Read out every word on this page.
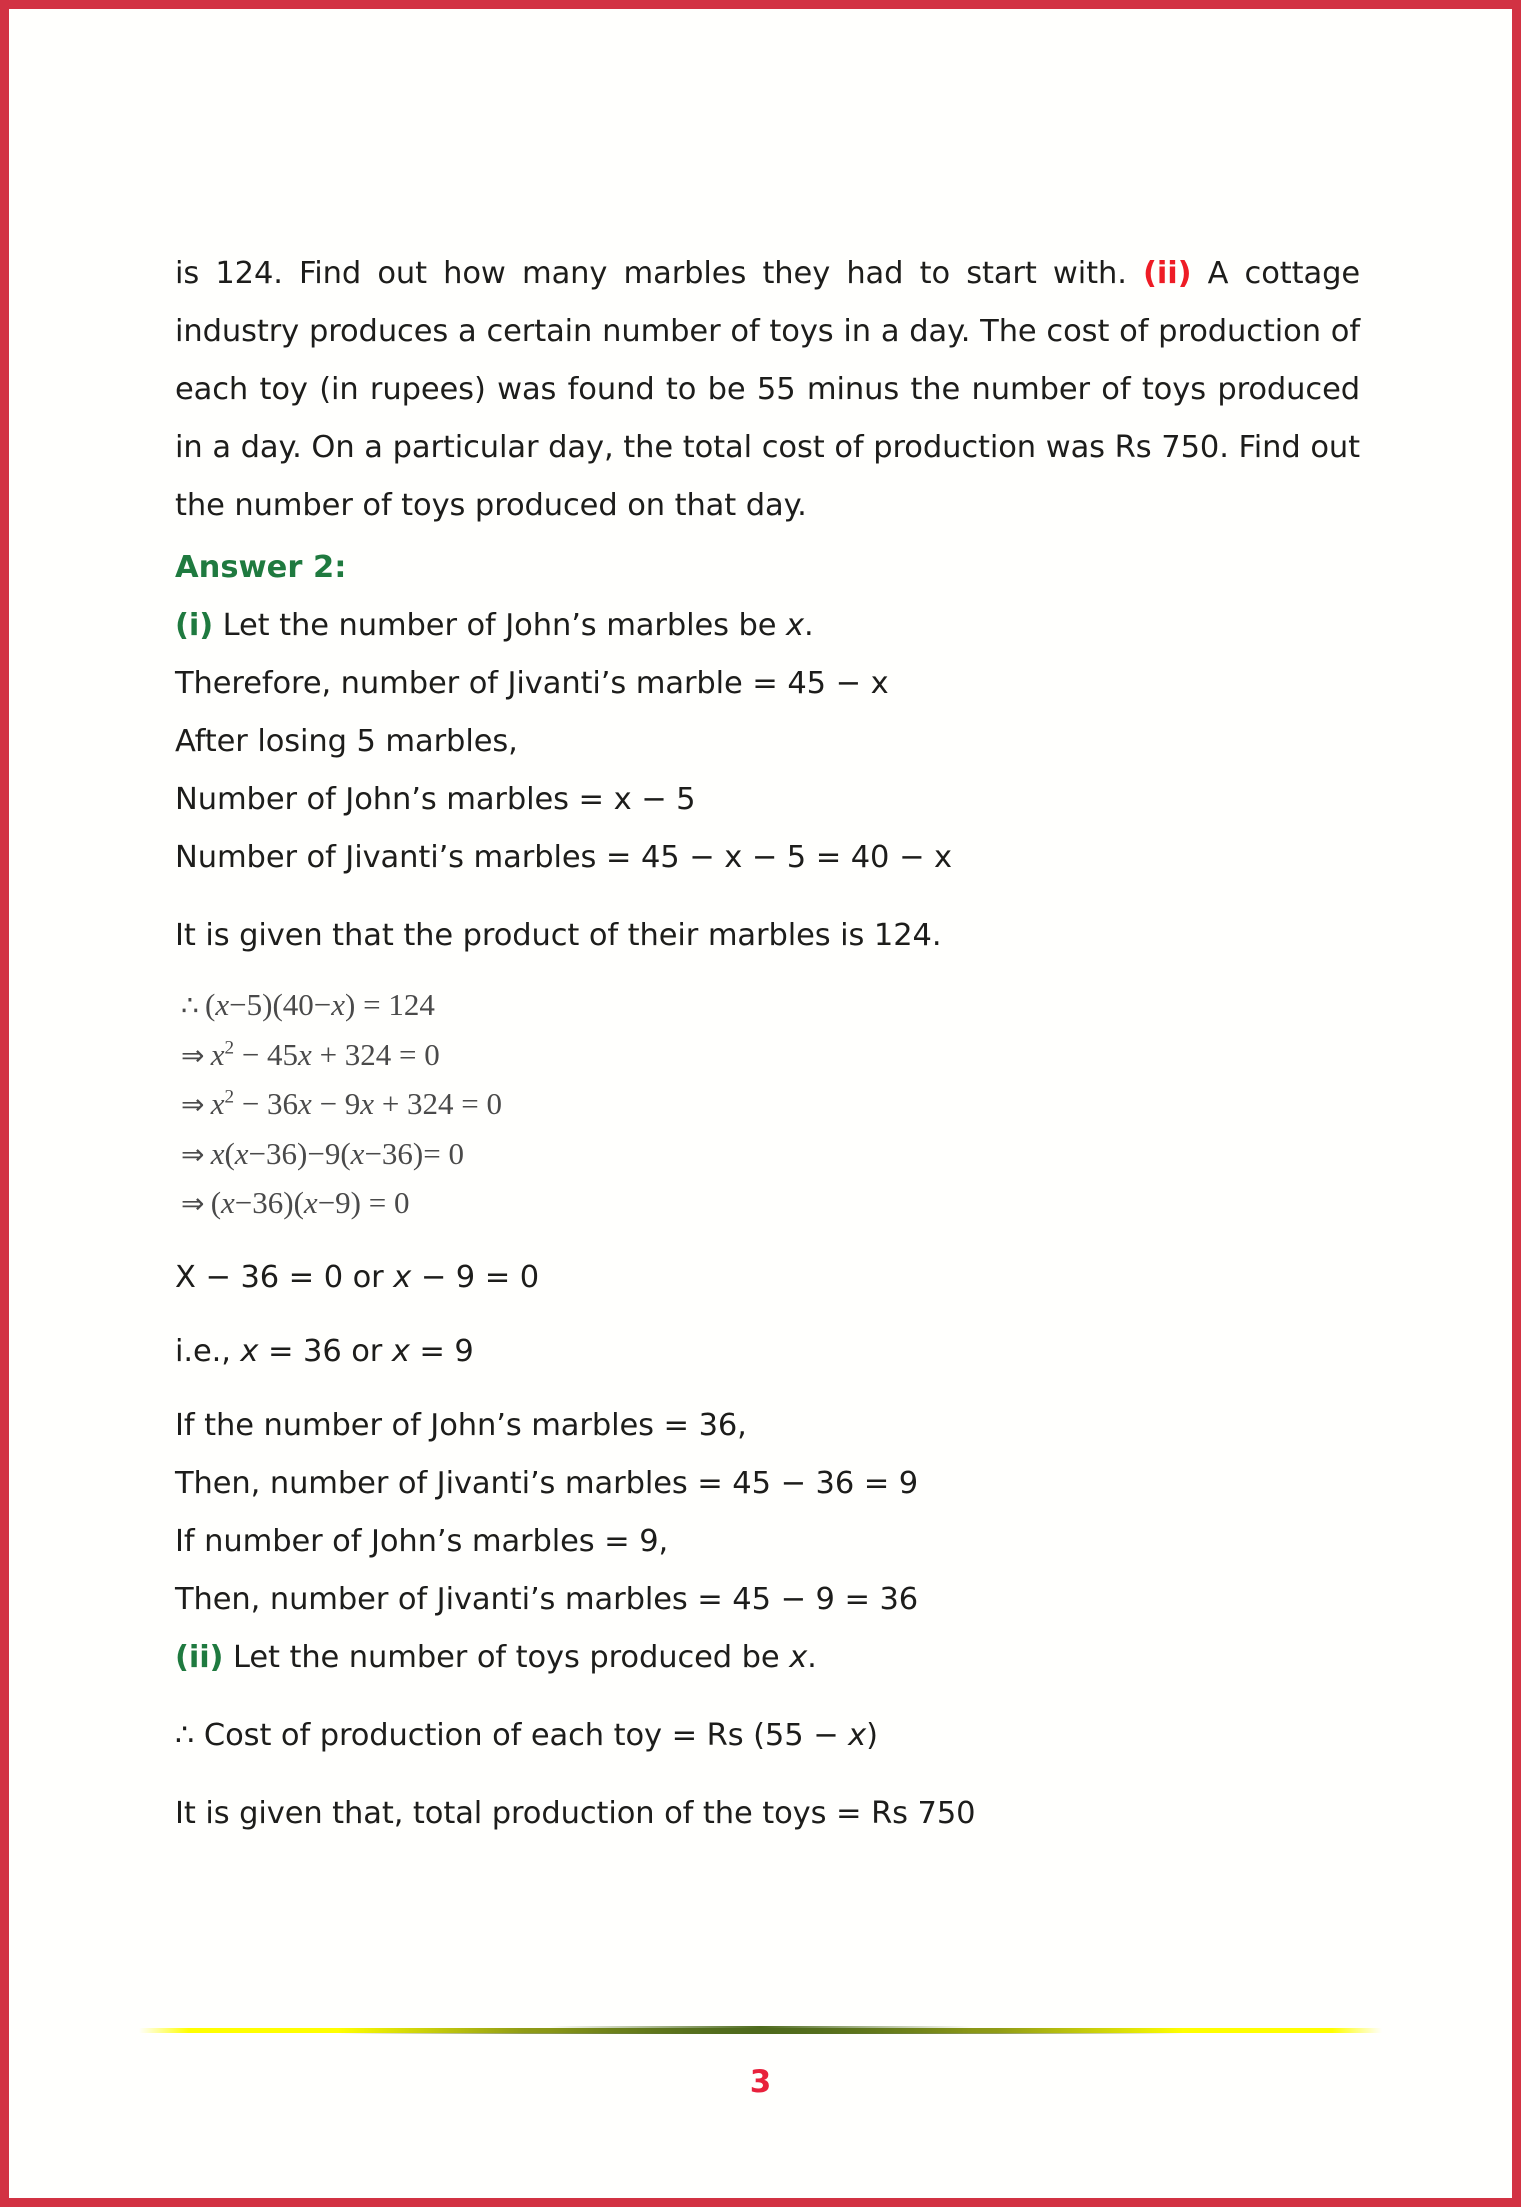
is 124. Find out how many marbles they had to start with. (ii) A cottage industry produces a certain number of toys in a day. The cost of production of each toy (in rupees) was found to be 55 minus the number of toys produced in a day. On a particular day, the total cost of production was Rs 750. Find out the number of toys produced on that day.

Answer 2:

(i) Let the number of John’s marbles be x.

Therefore, number of Jivanti’s marble = 45 − x

After losing 5 marbles,

Number of John’s marbles = x − 5

Number of Jivanti’s marbles = 45 − x − 5 = 40 − x

It is given that the product of their marbles is 124.

∴  (x−5)(40−x) = 124

⇒  $x^2 - 45x + 324 = 0$

⇒  $x^2 - 36x - 9x + 324 = 0$

⇒  x(x−36)−9(x−36)= 0

⇒  (x−36)(x−9) = 0

X − 36 = 0 or x − 9 = 0

i.e., x = 36 or x = 9

If the number of John’s marbles = 36,

Then, number of Jivanti’s marbles = 45 − 36 = 9

If number of John’s marbles = 9,

Then, number of Jivanti’s marbles = 45 − 9 = 36

(ii) Let the number of toys produced be x.

∴ Cost of production of each toy = Rs (55 − x)

It is given that, total production of the toys = Rs 750

3
